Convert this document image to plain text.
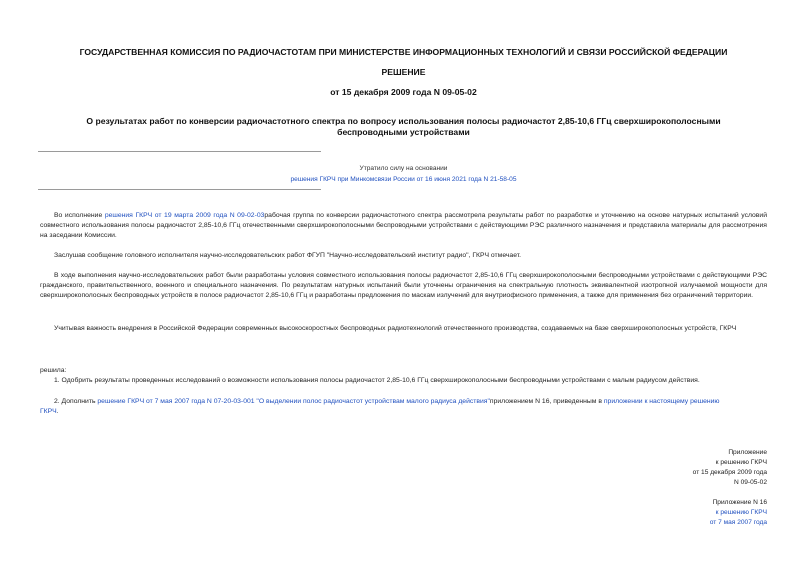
ГОСУДАРСТВЕННАЯ КОМИССИЯ ПО РАДИОЧАСТОТАМ ПРИ МИНИСТЕРСТВЕ ИНФОРМАЦИОННЫХ ТЕХНОЛОГИЙ И СВЯЗИ РОССИЙСКОЙ ФЕДЕРАЦИИ
РЕШЕНИЕ
от 15 декабря 2009 года N 09-05-02
О результатах работ по конверсии радиочастотного спектра по вопросу использования полосы радиочастот 2,85-10,6 ГГц сверхширокополосными
беспроводными устройствами
Утратило силу на основании
решения ГКРЧ при Минкомсвязи России от 16 июня 2021 года N 21-58-05
Во исполнение решения ГКРЧ от 19 марта 2009 года N 09-02-03рабочая группа по конверсии радиочастотного спектра рассмотрела результаты работ по разработке и уточнению на основе натурных испытаний условий совместного использования полосы радиочастот 2,85-10,6 ГГц отечественными сверхширокополосными беспроводными устройствами с действующими РЭС различного назначения и представила материалы для рассмотрения на заседании Комиссии.
Заслушав сообщение головного исполнителя научно-исследовательских работ ФГУП "Научно-исследовательский институт радио", ГКРЧ отмечает.
В ходе выполнения научно-исследовательских работ были разработаны условия совместного использования полосы радиочастот 2,85-10,6 ГГц сверхширокополосными беспроводными устройствами с действующими РЭС гражданского, правительственного, военного и специального назначения. По результатам натурных испытаний были уточнены ограничения на спектральную плотность эквивалентной изотропной излучаемой мощности для сверхширокополосных беспроводных устройств в полосе радиочастот 2,85-10,6 ГГц и разработаны предложения по маскам излучений для внутриофисного применения, а также для применения без ограничений территории.
Учитывая важность внедрения в Российской Федерации современных высокоскоростных беспроводных радиотехнологий отечественного производства, создаваемых на базе сверхширокополосных устройств, ГКРЧ
решила:
1. Одобрить результаты проведенных исследований о возможности использования полосы радиочастот 2,85-10,6 ГГц сверхширокополосными беспроводными устройствами с малым радиусом действия.
2. Дополнить решение ГКРЧ от 7 мая 2007 года N 07-20-03-001 "О выделении полос радиочастот устройствам малого радиуса действия"приложением N 16, приведенным в приложении к настоящему решению
ГКРЧ.
Приложение
к решению ГКРЧ
от 15 декабря 2009 года
N 09-05-02
Приложение N 16
к решению ГКРЧ
от 7 мая 2007 года
